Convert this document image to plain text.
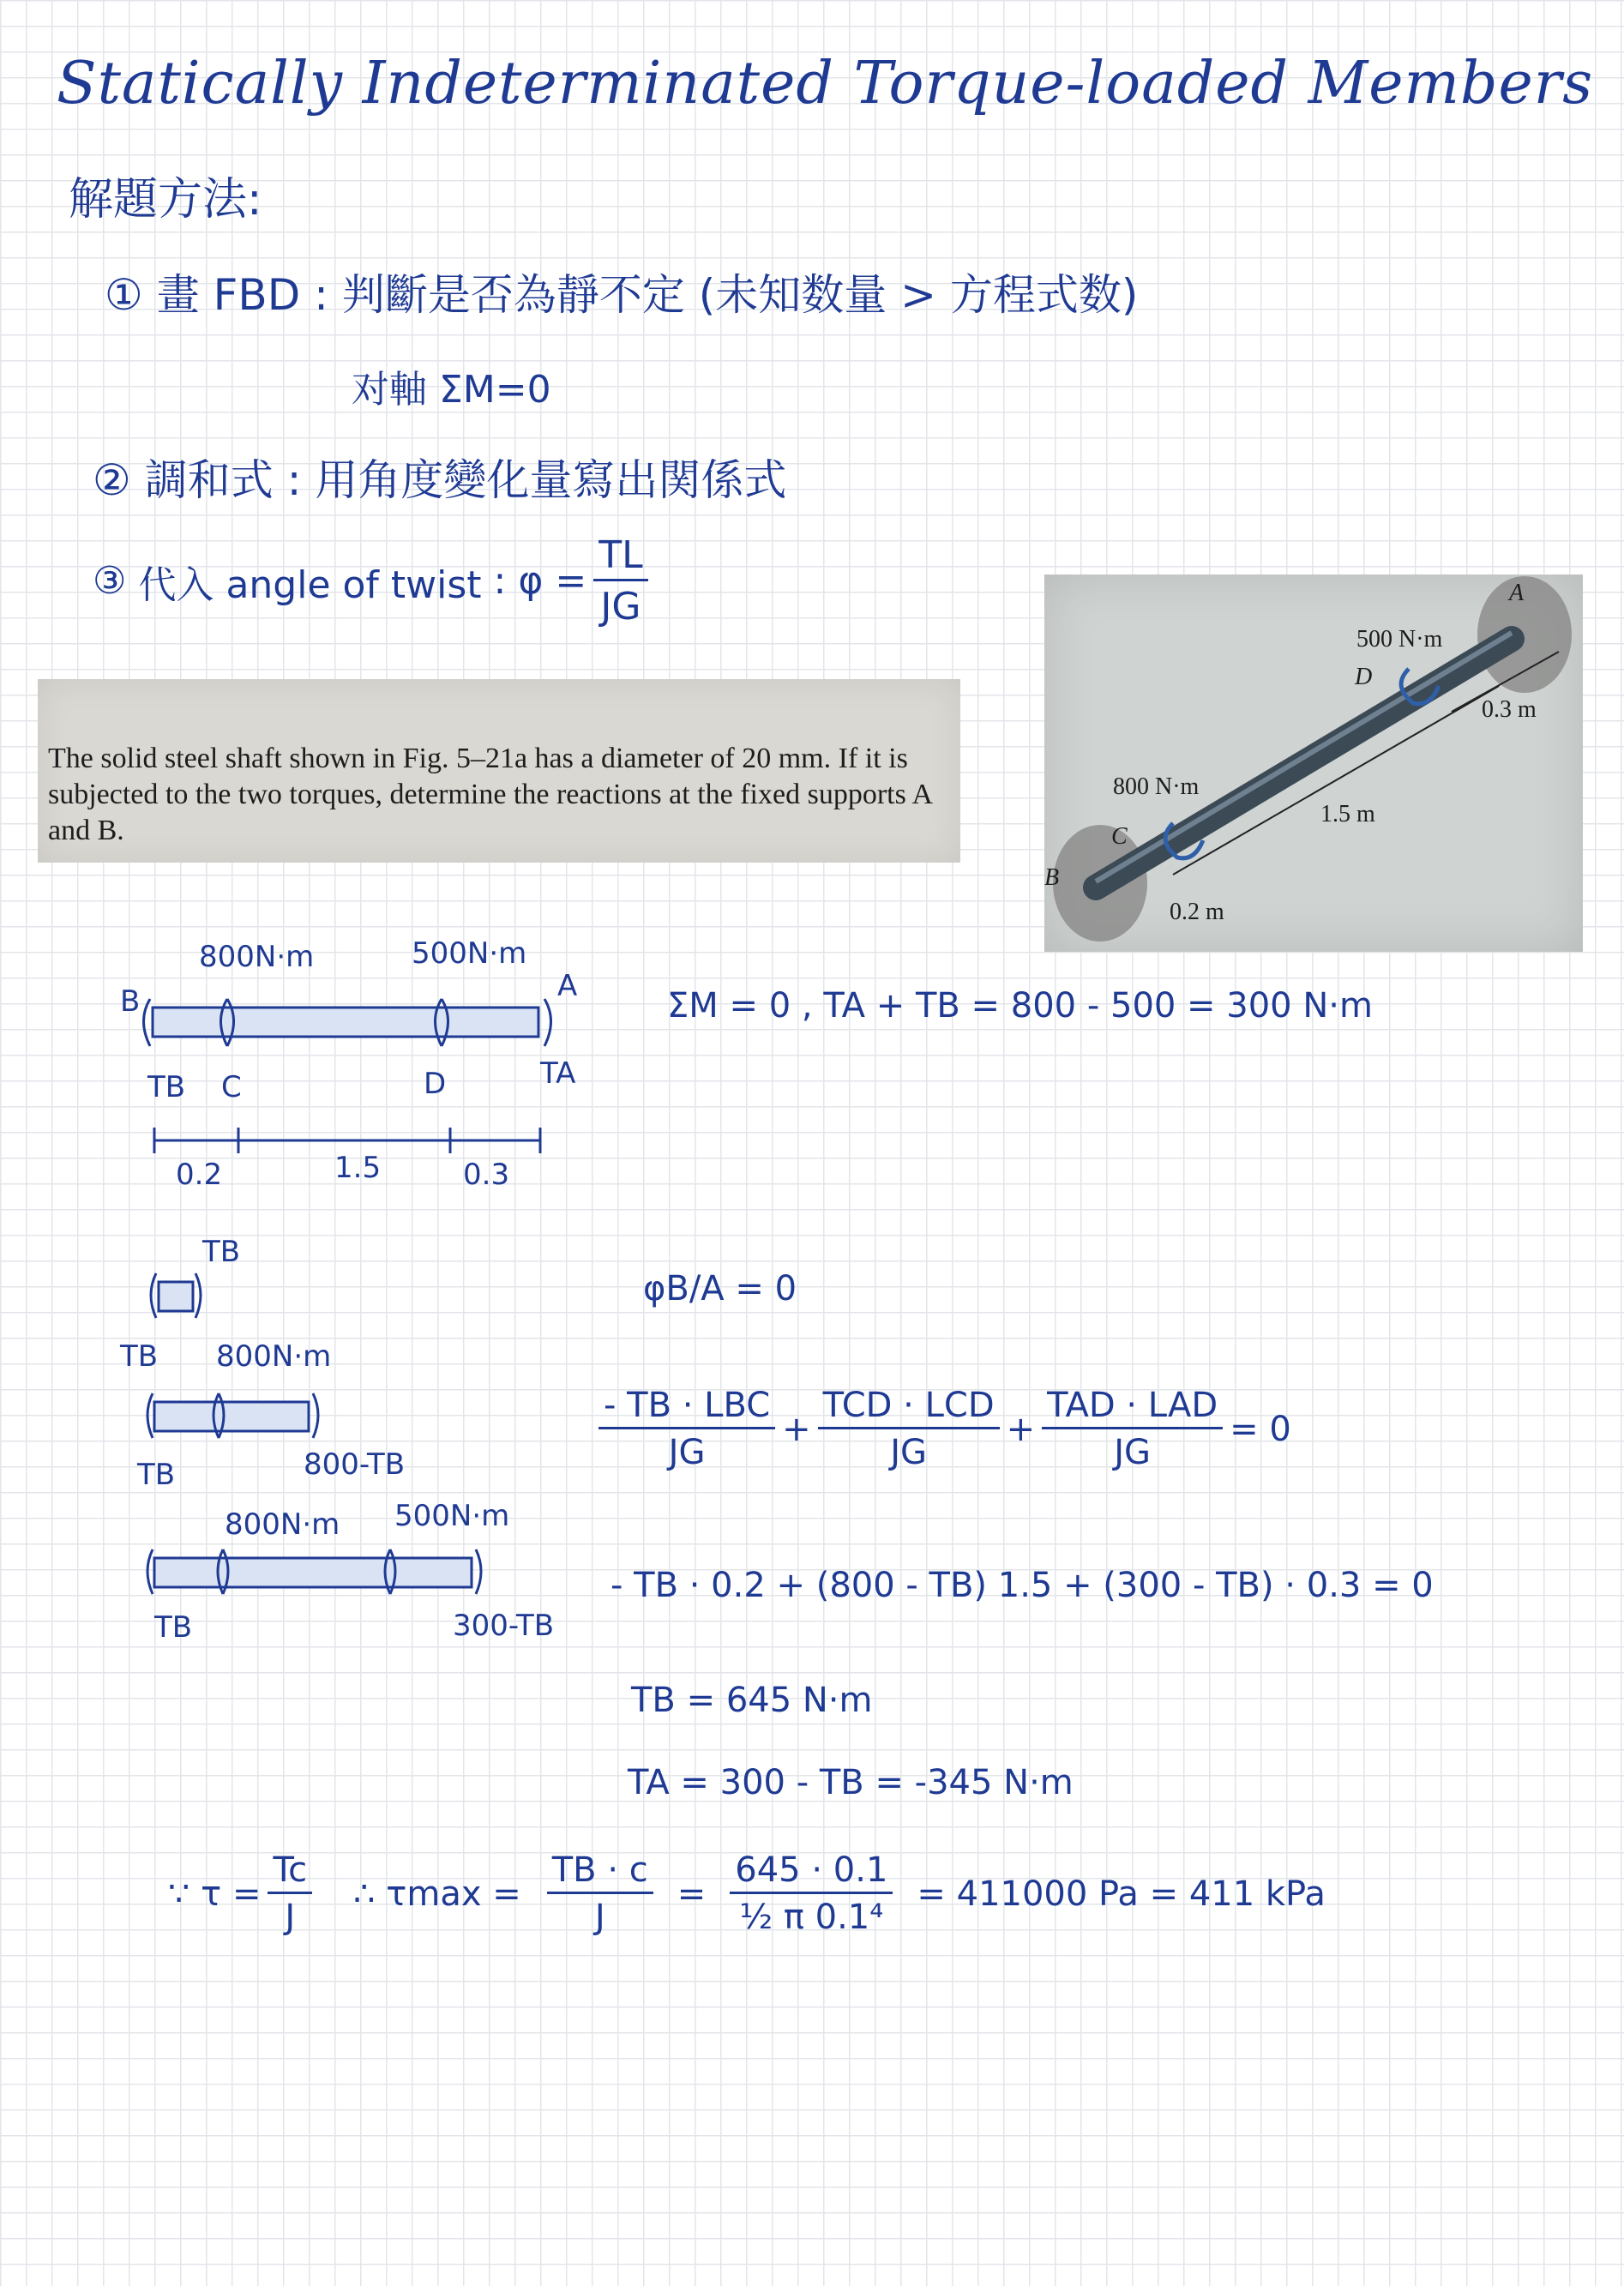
Statically Indeterminated Torque-loaded Members
解題方法:
① 畫 FBD : 判斷是否為靜不定 (未知数量 > 方程式数)
对軸 ΣM=0
② 調和式 : 用角度變化量寫出関係式
③
代入 angle of twist
: $\varphi = \frac{TL}{JG}$

The solid steel shaft shown in Fig. 5–21a has a diameter of 20 mm. If it is subjected to the two torques, determine the reactions at the fixed supports A and B.

A
500 N·m
D
0.3 m
800 N·m
1.5 m
C
B
0.2 m
800N·m	500N·m
B	A
TB C	D	TA
0.2	1.5	0.3
TB
TB 800N·m
TB	800-TB
800N·m 500N·m
TB	300-TB
ΣM = 0 , TA + TB = 800 - 500 = 300 N·m
φB/A = 0
$\frac{\text{- TB · LBC}}{JG} + \frac{\text{TCD · LCD}}{JG} + \frac{\text{TAD · LAD}}{JG} = 0$
- TB · 0.2 + (800 - TB) 1.5 + (300 - TB) · 0.3 = 0
TB = 645 N·m
TA = 300 - TB = -345 N·m
∵ $\tau = \frac{Tc}{J}$ ∴ $\tau\max = \frac{TB \cdot c}{J} = \frac{645 \cdot 0.1}{\text{½ π 0.1⁴}} = 411000$ Pa = 411 kPa
